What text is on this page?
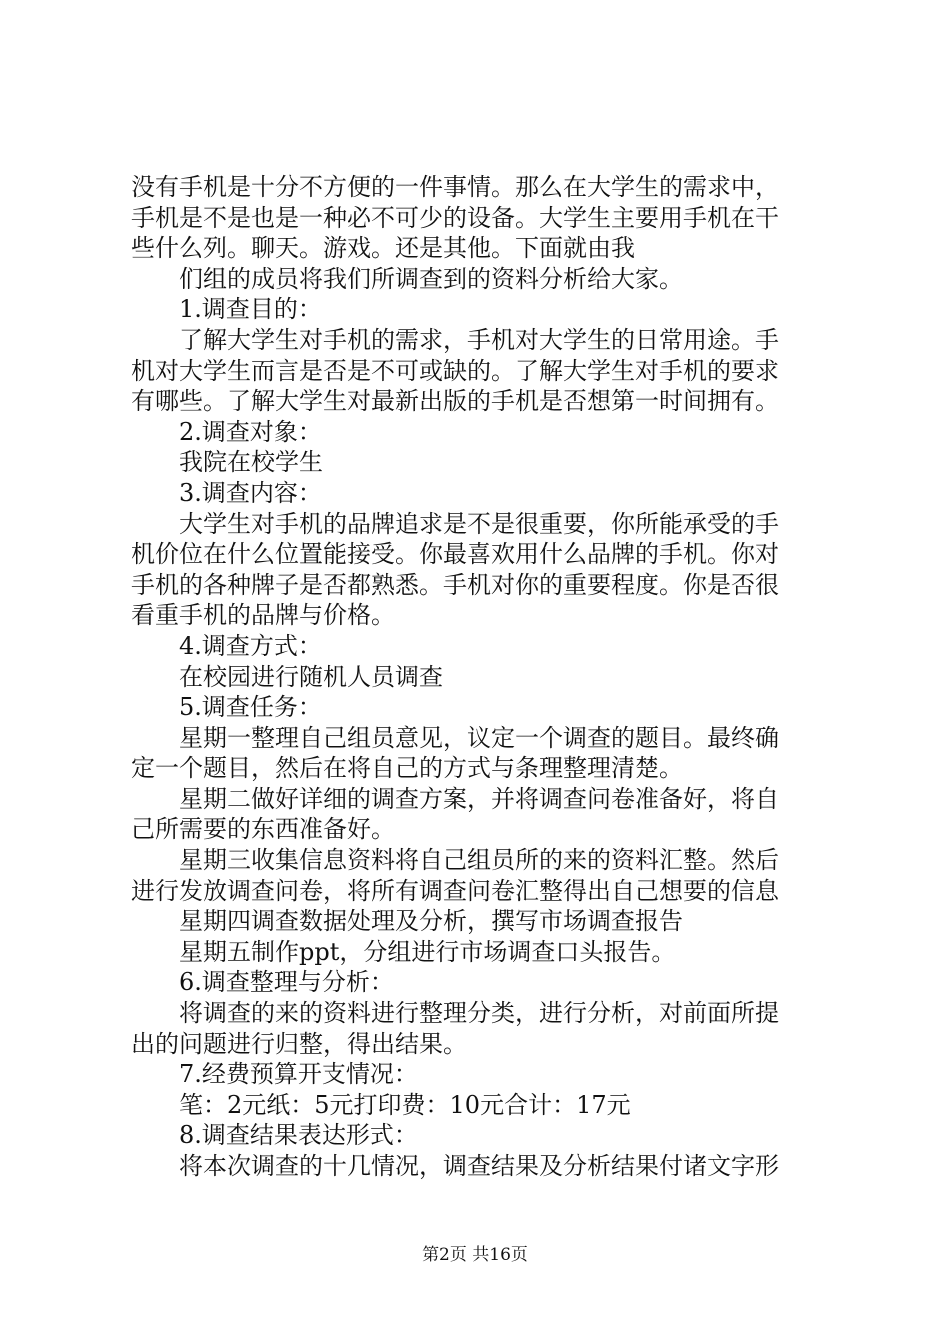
没有手机是十分不方便的一件事情。那么在大学生的需求中，
手机是不是也是一种必不可少的设备。大学生主要用手机在干
些什么列。聊天。游戏。还是其他。下面就由我
们组的成员将我们所调查到的资料分析给大家。
1.调查目的：
了解大学生对手机的需求，手机对大学生的日常用途。手
机对大学生而言是否是不可或缺的。了解大学生对手机的要求
有哪些。了解大学生对最新出版的手机是否想第一时间拥有。
2.调查对象：
我院在校学生
3.调查内容：
大学生对手机的品牌追求是不是很重要，你所能承受的手
机价位在什么位置能接受。你最喜欢用什么品牌的手机。你对
手机的各种牌子是否都熟悉。手机对你的重要程度。你是否很
看重手机的品牌与价格。
4.调查方式：
在校园进行随机人员调查
5.调查任务：
星期一整理自己组员意见，议定一个调查的题目。最终确
定一个题目，然后在将自己的方式与条理整理清楚。
星期二做好详细的调查方案，并将调查问卷准备好，将自
己所需要的东西准备好。
星期三收集信息资料将自己组员所的来的资料汇整。然后
进行发放调查问卷，将所有调查问卷汇整得出自己想要的信息
星期四调查数据处理及分析，撰写市场调查报告
星期五制作ppt，分组进行市场调查口头报告。
6.调查整理与分析：
将调查的来的资料进行整理分类，进行分析，对前面所提
出的问题进行归整，得出结果。
7.经费预算开支情况：
笔：2元纸：5元打印费：10元合计：17元
8.调查结果表达形式：
将本次调查的十几情况，调查结果及分析结果付诸文字形
第2页 共16页
